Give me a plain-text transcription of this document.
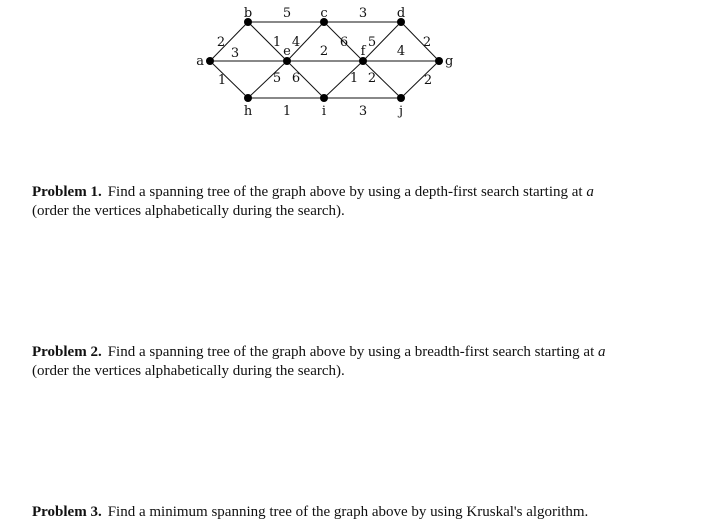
a
b	c	d
e	f
g
h	i	j
2
1
3
5
1 4
3
6 5	2
2	4
5 6
1
1 2
3
2
Problem 1. Find a spanning tree of the graph above by using a depth-first search starting at a (order the vertices alphabetically during the search).
Problem 2. Find a spanning tree of the graph above by using a breadth-first search starting at a (order the vertices alphabetically during the search).
Problem 3. Find a minimum spanning tree of the graph above by using Kruskal's algorithm.
